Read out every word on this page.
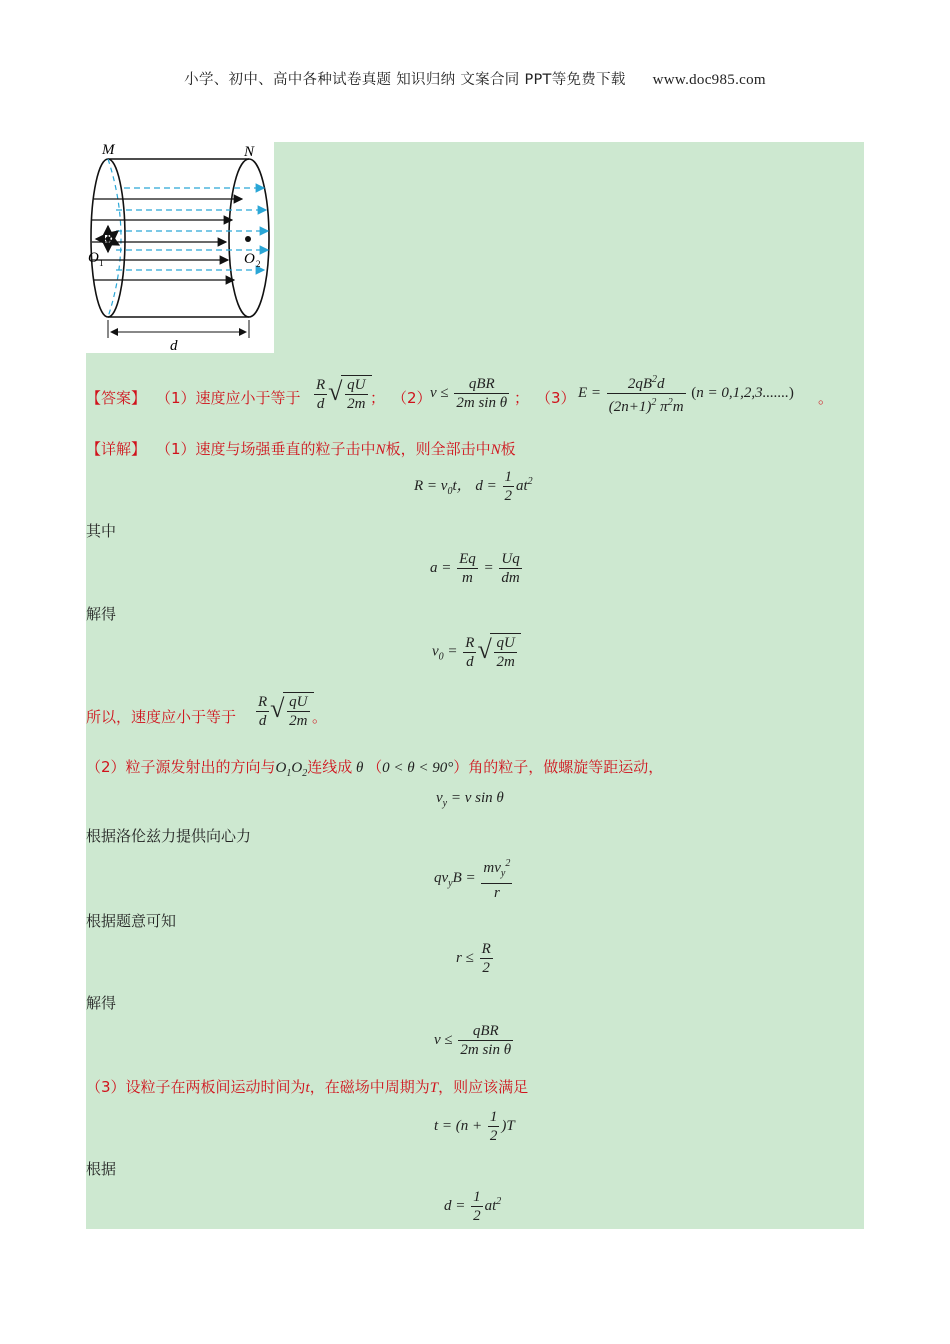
小学、初中、高中各种试卷真题 知识归纳 文案合同 PPT等免费下载 www.doc985.com
M	N
O 1	O 2
d
【答案】 （1）速度应小于等于 $\frac{R}{d}$ √ $\frac{qU}{2m}$ ； （2）
$v \le \frac{\text{qBR}}{\text{2m sin θ}}$ ； （3） $E = \frac{2qB^2d}{(2n+1)^2 \pi^2m} (n = 0,1,2,3.......)$ 。
【详解】 （1）速度与场强垂直的粒子击中N板，则全部击中N板
$R = v_0t$， $d = \frac{1}{2} at^2$
其中
$a = \frac{Eq}{m} = \frac{Uq}{dm}$
解得
$v_0 = \frac{R}{d}$ √ $\frac{qU}{2m}$
所以，速度应小于等于 $\frac{R}{d}$ √ $\frac{qU}{2m}$ 。
（2）粒子源发射出的方向与$O_1O_2$连线成 θ （0 < θ < 90°）角的粒子，做螺旋等距运动，
$v_y = v$ sin θ
根据洛伦兹力提供向心力
$qv_yB = \frac{mv_y^2}{r}$
根据题意可知
$r \le \frac{R}{2}$
解得
$v \le \frac{\text{qBR}}{\text{2m sin θ}}$
（3）设粒子在两板间运动时间为t，在磁场中周期为T，则应该满足
$t = (n + \frac{1}{2} )T$
根据
$d = \frac{1}{2} at^2$
